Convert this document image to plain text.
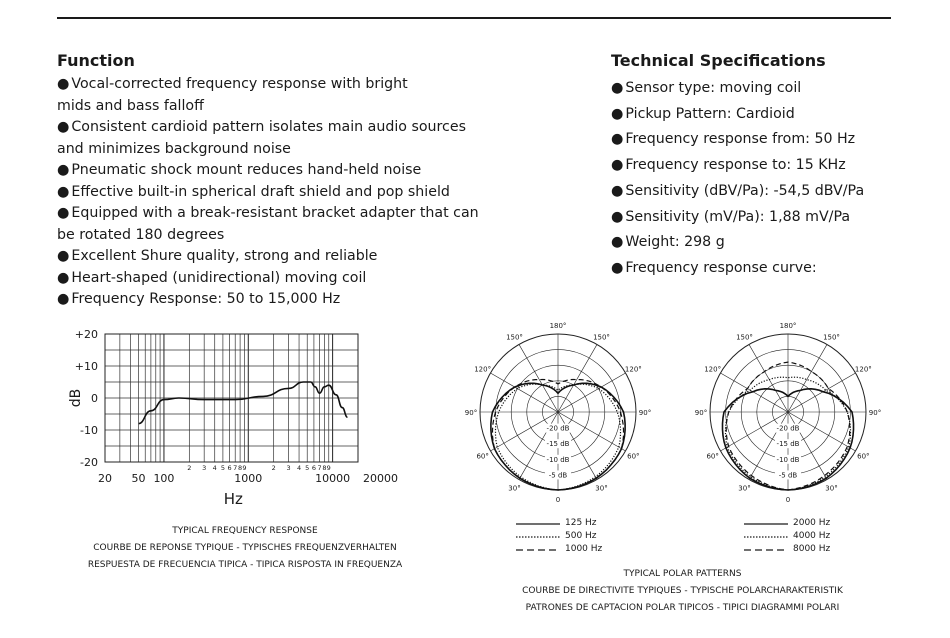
Function
● Vocal-corrected frequency response with bright
mids and bass falloff
● Consistent cardioid pattern isolates main audio sources
and minimizes background noise
● Pneumatic shock mount reduces hand-held noise
● Effective built-in spherical draft shield and pop shield
● Equipped with a break-resistant bracket adapter that can
be rotated 180 degrees
● Excellent Shure quality, strong and reliable
● Heart-shaped (unidirectional) moving coil
● Frequency Response: 50 to 15,000 Hz
Technical Specifications
● Sensor type: moving coil
● Pickup Pattern: Cardioid
● Frequency response from: 50 Hz
● Frequency response to: 15 KHz
● Sensitivity (dBV/Pa): -54,5 dBV/Pa
● Sensitivity (mV/Pa): 1,88 mV/Pa
● Weight: 298 g
● Frequency response curve:
+20
+10
0
-10
-20
dB
20 50 100	1000	10000 20000
2 3 4 5 6 7 8 9	2 3 4 5 6 7 8 9
Hz
TYPICAL FREQUENCY RESPONSE
COURBE DE REPONSE TYPIQUE - TYPISCHES FREQUENZVERHALTEN
RESPUESTA DE FRECUENCIA TIPICA - TIPICA RISPOSTA IN FREQUENZA
180°
150°	150°
120°	120°
90°	90°
60°	60°
30°	30°
0
-20 dB
-15 dB
-10 dB
-5 dB
180°
150°	150°
120°	120°
90°	90°
60°	60°
30°	30°
0
-20 dB
-15 dB
-10 dB
-5 dB
125 Hz
500 Hz
1000 Hz
2000 Hz
4000 Hz
8000 Hz
TYPICAL POLAR PATTERNS
COURBE DE DIRECTIVITE TYPIQUES - TYPISCHE POLARCHARAKTERISTIK
PATRONES DE CAPTACION POLAR TIPICOS - TIPICI DIAGRAMMI POLARI
